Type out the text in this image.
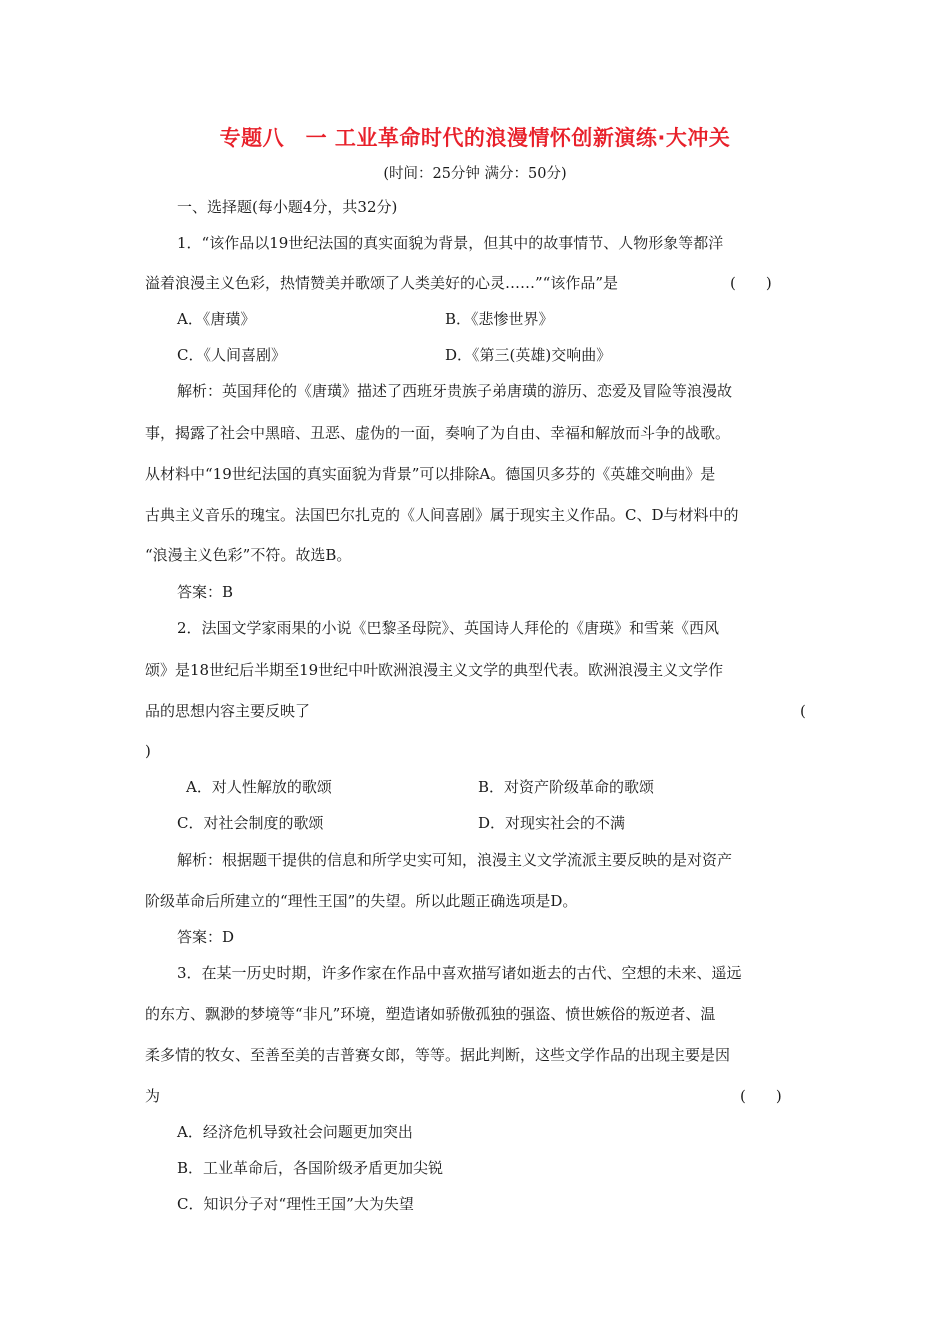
专题八　一 工业革命时代的浪漫情怀创新演练·大冲关
(时间：25分钟 满分：50分)
一、选择题(每小题4分，共32分)
1．“该作品以19世纪法国的真实面貌为背景，但其中的故事情节、人物形象等都洋
溢着浪漫主义色彩，热情赞美并歌颂了人类美好的心灵……”“该作品”是	(　　)
A．《唐璜》	B．《悲惨世界》
C．《人间喜剧》	D．《第三(英雄)交响曲》
解析：英国拜伦的《唐璜》描述了西班牙贵族子弟唐璜的游历、恋爱及冒险等浪漫故
事，揭露了社会中黑暗、丑恶、虚伪的一面，奏响了为自由、幸福和解放而斗争的战歌。
从材料中“19世纪法国的真实面貌为背景”可以排除A。德国贝多芬的《英雄交响曲》是
古典主义音乐的瑰宝。法国巴尔扎克的《人间喜剧》属于现实主义作品。C、D与材料中的
“浪漫主义色彩”不符。故选B。
答案：B
2．法国文学家雨果的小说《巴黎圣母院》、英国诗人拜伦的《唐瑛》和雪莱《西风
颂》是18世纪后半期至19世纪中叶欧洲浪漫主义文学的典型代表。欧洲浪漫主义文学作
品的思想内容主要反映了	(
)
A．对人性解放的歌颂	B．对资产阶级革命的歌颂
C．对社会制度的歌颂	D．对现实社会的不满
解析：根据题干提供的信息和所学史实可知，浪漫主义文学流派主要反映的是对资产
阶级革命后所建立的“理性王国”的失望。所以此题正确选项是D。
答案：D
3．在某一历史时期，许多作家在作品中喜欢描写诸如逝去的古代、空想的未来、遥远
的东方、飘渺的梦境等“非凡”环境，塑造诸如骄傲孤独的强盗、愤世嫉俗的叛逆者、温
柔多情的牧女、至善至美的吉普赛女郎，等等。据此判断，这些文学作品的出现主要是因
为	(　　)
A．经济危机导致社会问题更加突出
B．工业革命后，各国阶级矛盾更加尖锐
C．知识分子对“理性王国”大为失望
